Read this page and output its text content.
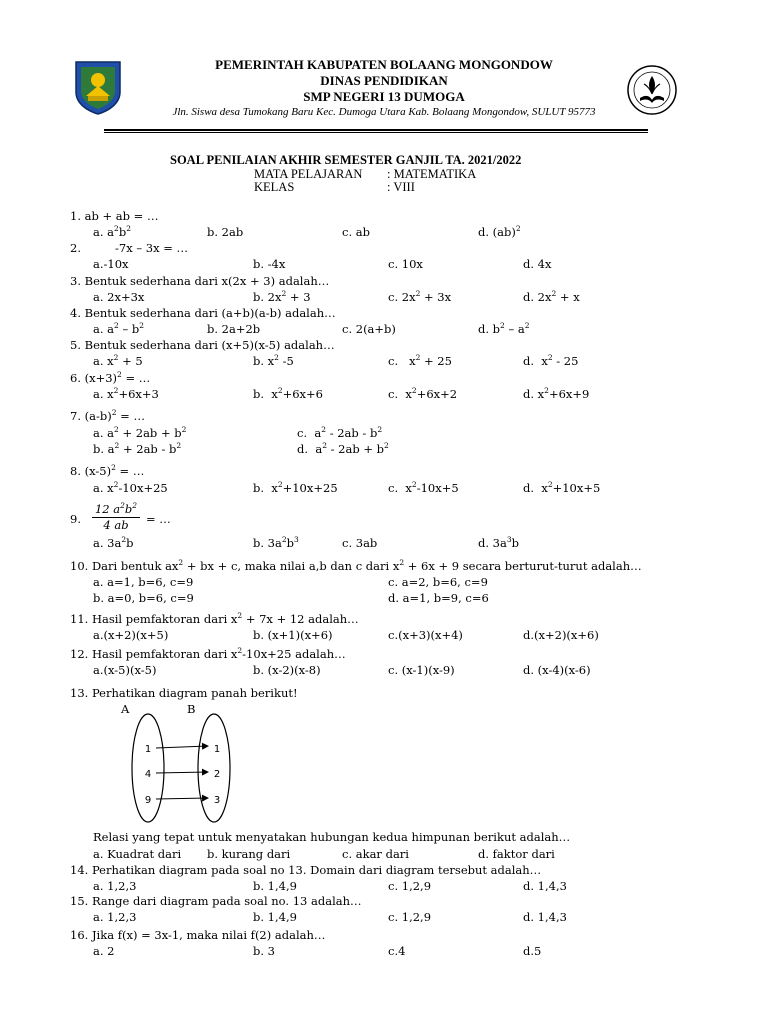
PEMERINTAH KABUPATEN BOLAANG MONGONDOW
DINAS PENDIDIKAN
SMP NEGERI 13 DUMOGA
Jln. Siswa desa Tumokang Baru Kec. Dumoga Utara Kab. Bolaang Mongondow, SULUT 95773
SOAL PENILAIAN AKHIR SEMESTER GANJIL TA. 2021/2022
MATA PELAJARAN : MATEMATIKA
KELAS	: VIII
1. ab + ab = …
a. $a^2b^2$	b. 2ab	c. ab	d. (ab)$^2$
2.	-7x – 3x = …
a.-10x	b. -4x	c. 10x	d. 4x
3. Bentuk sederhana dari x(2x + 3) adalah…
a. 2x+3x	b. $2x^2 + 3$	c. $2x^2 + 3x$	d. $2x^2 + x$
4. Bentuk sederhana dari (a+b)(a-b) adalah…
a. $a^2 - b^2$	b. 2a+2b	c. 2(a+b)	d. $b^2 - a^2$
5. Bentuk sederhana dari (x+5)(x-5) adalah…
a. $x^2 + 5$	b. $x^2$ -5	c.   $x^2 + 25$	d.  $x^2 - 25$
6. $(x+3)^2$ = …
a. $x^2+6x+3$	b.  $x^2+6x+6$	c.  $x^2+6x+2$	d. $x^2+6x+9$
7. $(a-b)^2$ = …
a. $a^2 + 2ab + b^2$	c.  $a^2 - 2ab - b^2$
b. $a^2 + 2ab - b^2$	d.  $a^2 - 2ab + b^2$
8. $(x-5)^2$ = …
a. $x^2-10x+25$	b.  $x^2+10x+25$	c.  $x^2-10x+5$	d.  $x^2+10x+5$
9. $\frac{12 a^2b^2}{4 ab}$ = …
a. $3a^2b$	b. $3a^2b^3$	c. 3ab	d. $3a^3b$
10. Dari bentuk $ax^2$ + bx + c, maka nilai a,b dan c dari $x^2 + 6x + 9$ secara berturut-turut adalah…
a. a=1, b=6, c=9	c. a=2, b=6, c=9
b. a=0, b=6, c=9	d. a=1, b=9, c=6
11. Hasil pemfaktoran dari $x^2 + 7x + 12$ adalah…
a.(x+2)(x+5)	b. (x+1)(x+6)	c.(x+3)(x+4)	d.(x+2)(x+6)
12. Hasil pemfaktoran dari $x^2-10x+25$ adalah…
a.(x-5)(x-5)	b. (x-2)(x-8)	c. (x-1)(x-9)	d. (x-4)(x-6)
13. Perhatikan diagram panah berikut!
A	B
1
4
9
1
2
3
Relasi yang tepat untuk menyatakan hubungan kedua himpunan berikut adalah…
a. Kuadrat dari b. kurang dari	c. akar dari	d. faktor dari
14. Perhatikan diagram pada soal no 13. Domain dari diagram tersebut adalah…
a. 1,2,3	b. 1,4,9	c. 1,2,9	d. 1,4,3
15. Range dari diagram pada soal no. 13 adalah…
a. 1,2,3	b. 1,4,9	c. 1,2,9	d. 1,4,3
16. Jika f(x) = 3x-1, maka nilai f(2) adalah…
a. 2	b. 3	c.4	d.5
